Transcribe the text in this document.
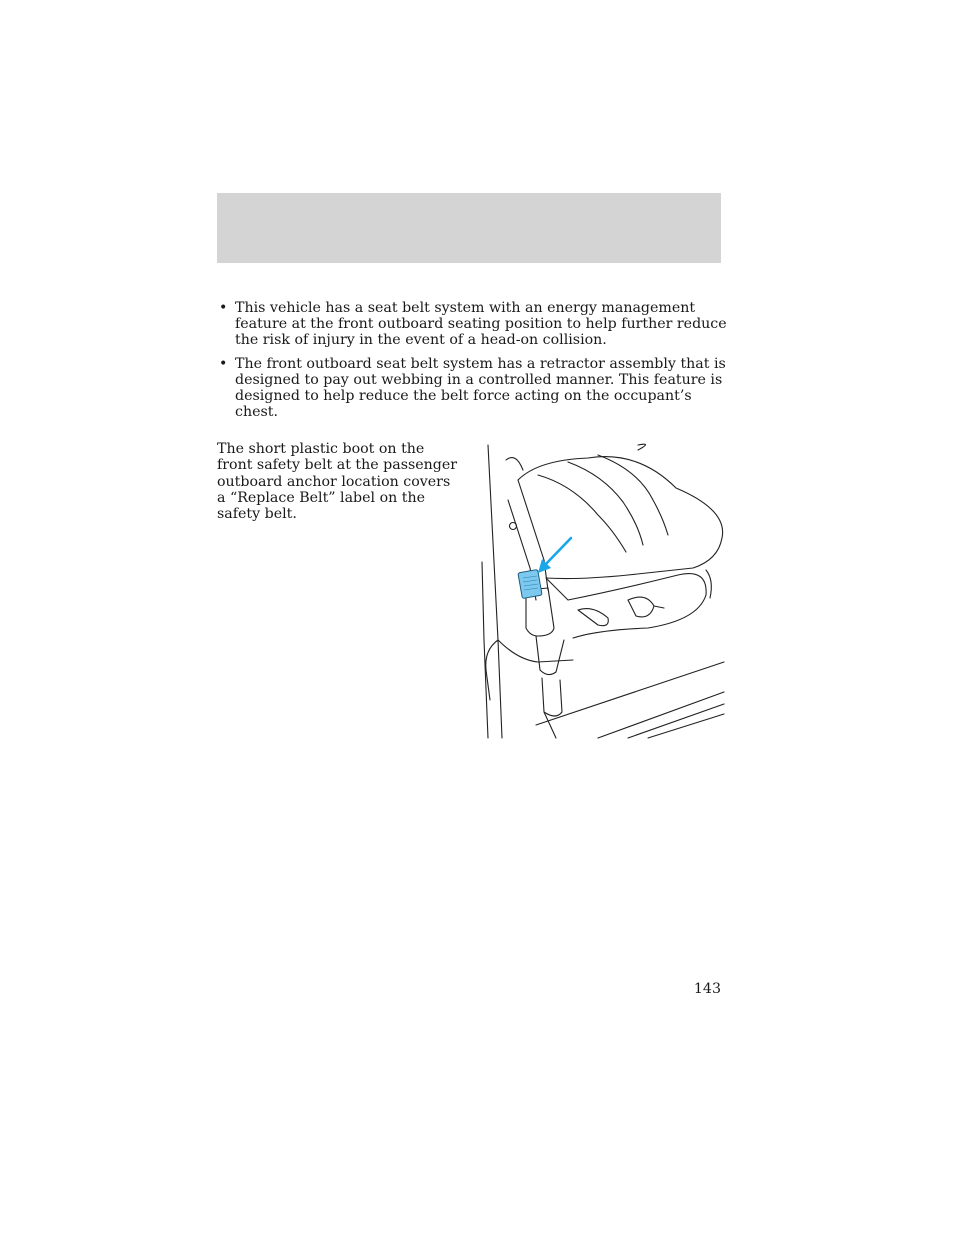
• This vehicle has a seat belt system with an energy management feature at the front outboard seating position to help further reduce the risk of injury in the event of a head-on collision.
• The front outboard seat belt system has a retractor assembly that is designed to pay out webbing in a controlled manner. This feature is designed to help reduce the belt force acting on the occupant’s chest.

The short plastic boot on the front safety belt at the passenger outboard anchor location covers a “Replace Belt” label on the safety belt.

143
